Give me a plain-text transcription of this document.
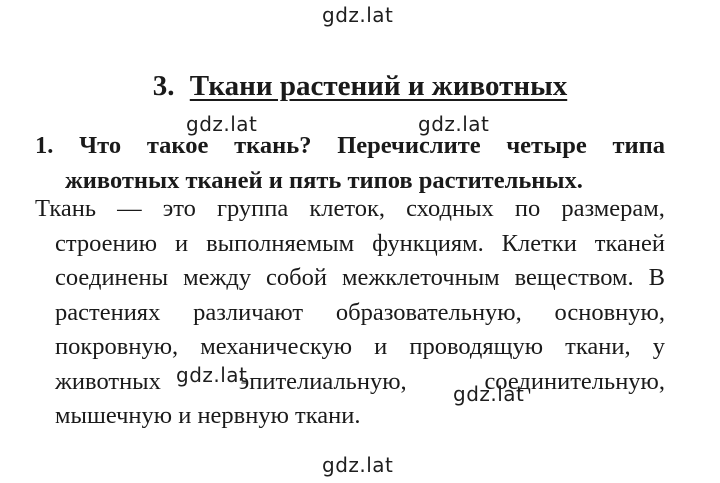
3. Ткани растений и животных
1. Что такое ткань? Перечислите четыре типа
животных тканей и пять типов растительных.
Ткань — это группа клеток, сходных по размерам,
строению и выполняемым функциям. Клетки тканей
соединены между собой межклеточным веществом. В
растениях различают образовательную, основную,
покровную, механическую и проводящую ткани, у
животных	эпителиальную,	соединительную,
мышечную и нервную ткани.
gdz.lat
gdz.lat	gdz.lat
gdz.lat
gdz.lat
gdz.lat
